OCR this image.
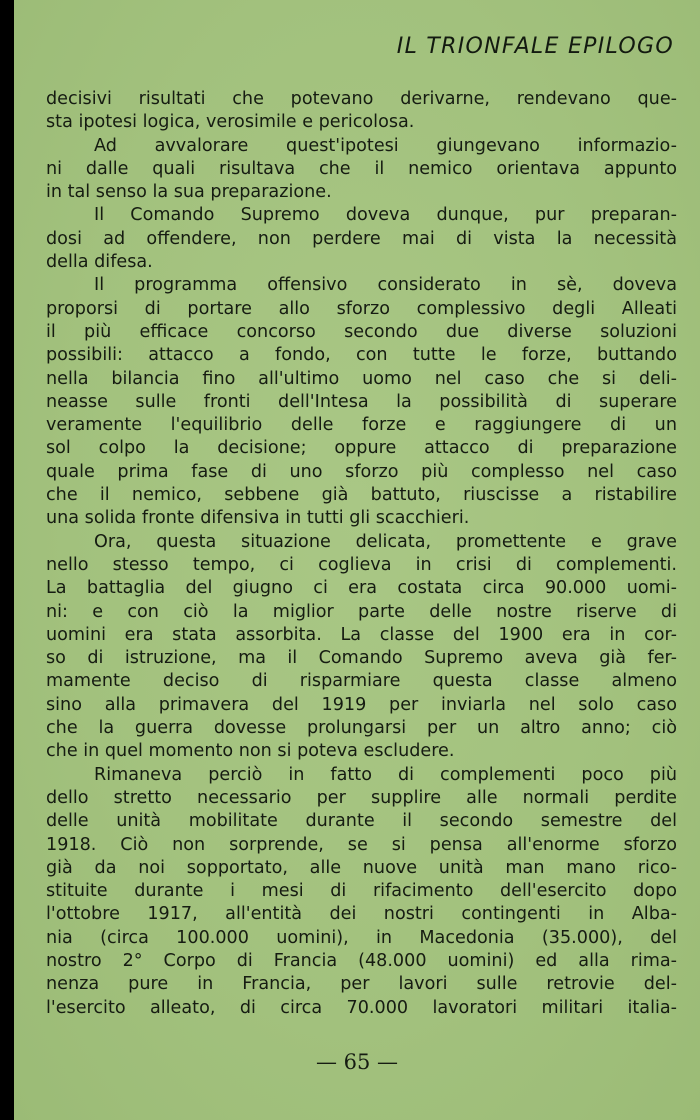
IL TRIONFALE EPILOGO
decisivi risultati che potevano derivarne, rendevano que-
sta ipotesi logica, verosimile e pericolosa.
Ad avvalorare quest'ipotesi giungevano informazio-
ni dalle quali risultava che il nemico orientava appunto
in tal senso la sua preparazione.
Il Comando Supremo doveva dunque, pur preparan-
dosi ad offendere, non perdere mai di vista la necessità
della difesa.
Il programma offensivo considerato in sè, doveva
proporsi di portare allo sforzo complessivo degli Alleati
il più efficace concorso secondo due diverse soluzioni
possibili: attacco a fondo, con tutte le forze, buttando
nella bilancia fino all'ultimo uomo nel caso che si deli-
neasse sulle fronti dell'Intesa la possibilità di superare
veramente l'equilibrio delle forze e raggiungere di un
sol colpo la decisione; oppure attacco di preparazione
quale prima fase di uno sforzo più complesso nel caso
che il nemico, sebbene già battuto, riuscisse a ristabilire
una solida fronte difensiva in tutti gli scacchieri.
Ora, questa situazione delicata, promettente e grave
nello stesso tempo, ci coglieva in crisi di complementi.
La battaglia del giugno ci era costata circa 90.000 uomi-
ni: e con ciò la miglior parte delle nostre riserve di
uomini era stata assorbita. La classe del 1900 era in cor-
so di istruzione, ma il Comando Supremo aveva già fer-
mamente deciso di risparmiare questa classe almeno
sino alla primavera del 1919 per inviarla nel solo caso
che la guerra dovesse prolungarsi per un altro anno; ciò
che in quel momento non si poteva escludere.
Rimaneva perciò in fatto di complementi poco più
dello stretto necessario per supplire alle normali perdite
delle unità mobilitate durante il secondo semestre del
1918. Ciò non sorprende, se si pensa all'enorme sforzo
già da noi sopportato, alle nuove unità man mano rico-
stituite durante i mesi di rifacimento dell'esercito dopo
l'ottobre 1917, all'entità dei nostri contingenti in Alba-
nia (circa 100.000 uomini), in Macedonia (35.000), del
nostro 2° Corpo di Francia (48.000 uomini) ed alla rima-
nenza pure in Francia, per lavori sulle retrovie del-
l'esercito alleato, di circa 70.000 lavoratori militari italia-
— 65 —
